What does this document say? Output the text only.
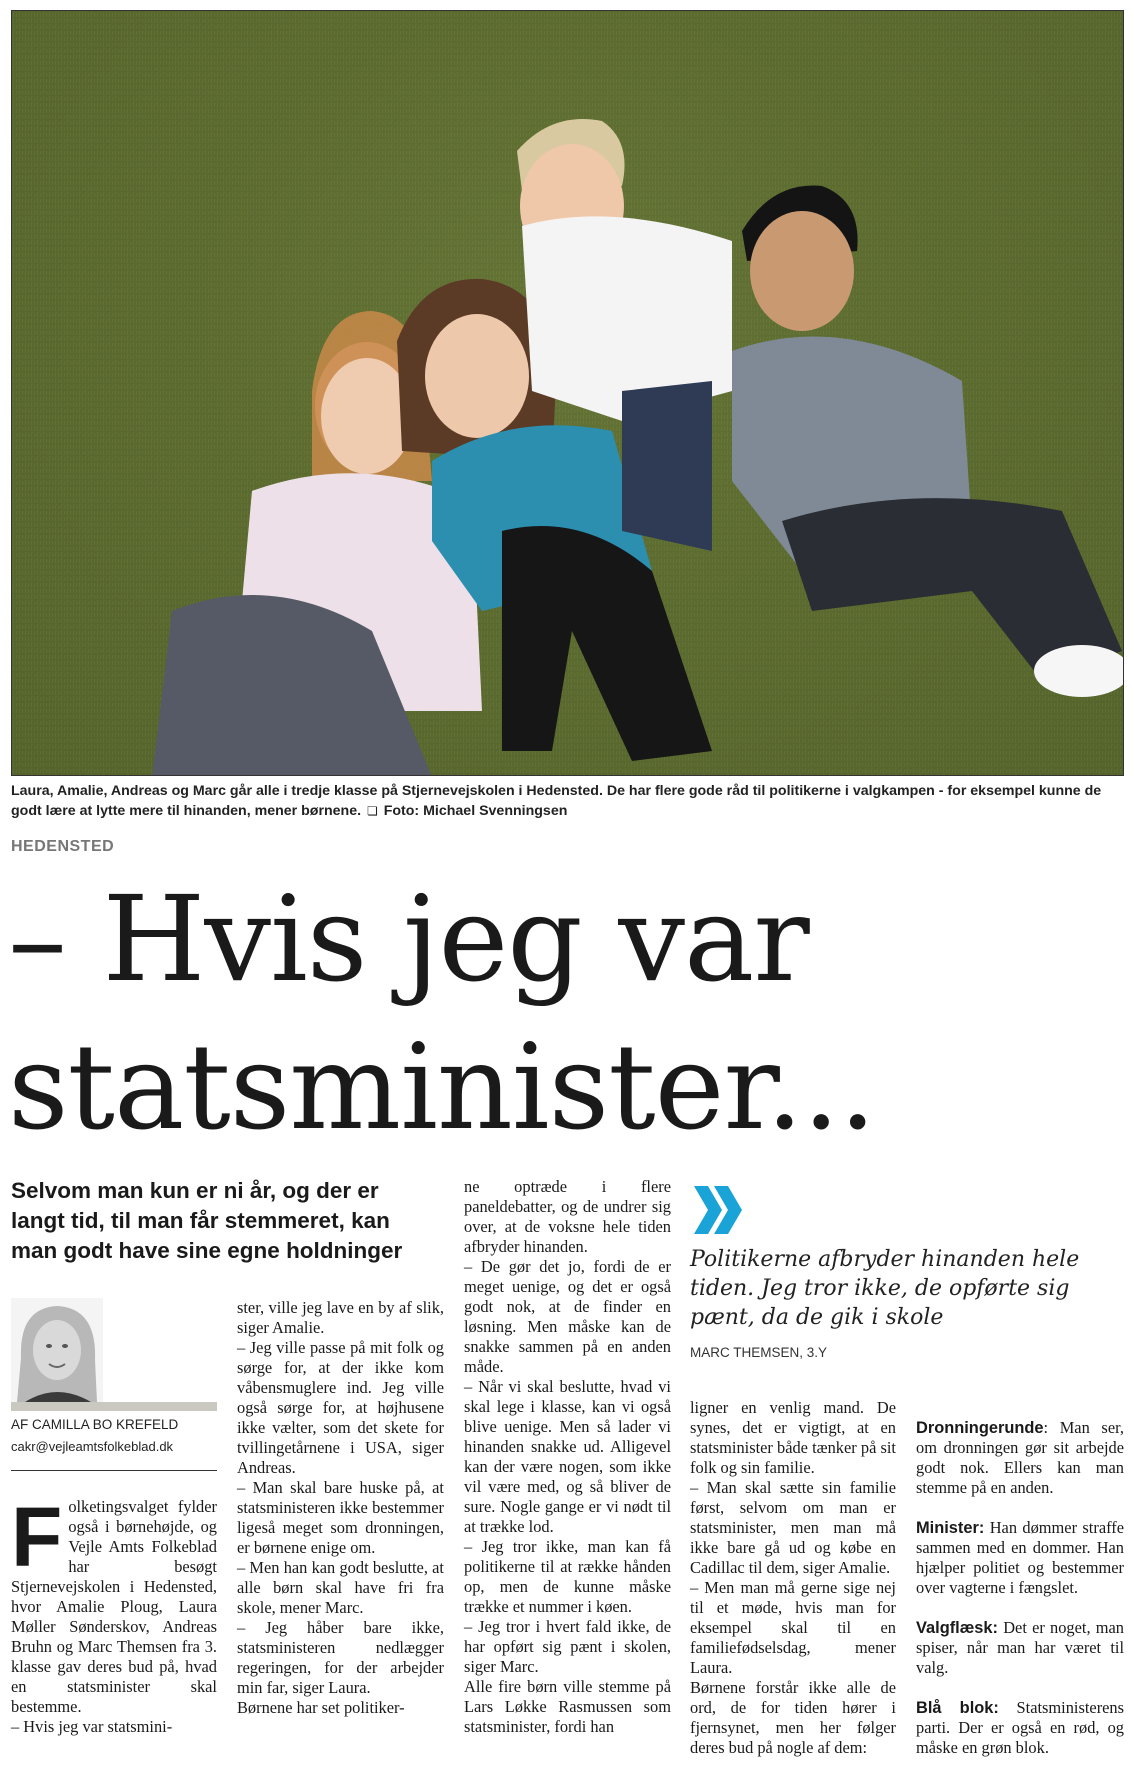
Laura, Amalie, Andreas og Marc går alle i tredje klasse på Stjernevejskolen i Hedensted. De har flere gode råd til politikerne i valgkampen - for eksempel kunne de godt lære at lytte mere til hinanden, mener børnene. ❏ Foto: Michael Svenningsen
HEDENSTED
– Hvis jeg var
statsminister...
Selvom man kun er ni år, og der er langt tid, til man får stemmeret, kan man godt have sine egne holdninger
AF CAMILLA BO KREFELD
cakr@vejleamtsfolkeblad.dk
Folketingsvalget fylder også i børnehøjde, og Vejle Amts Folkeblad har besøgt Stjernevejskolen i Hedensted, hvor Amalie Ploug, Laura Møller Sønderskov, Andreas Bruhn og Marc Themsen fra 3. klasse gav deres bud på, hvad en statsminister skal bestemme.
– Hvis jeg var statsmini-
ster, ville jeg lave en by af slik, siger Amalie.
– Jeg ville passe på mit folk og sørge for, at der ikke kom våbensmuglere ind. Jeg ville også sørge for, at højhusene ikke vælter, som det skete for tvillingetårnene i USA, siger Andreas.
– Man skal bare huske på, at statsministeren ikke bestemmer ligeså meget som dronningen, er børnene enige om.
– Men han kan godt beslutte, at alle børn skal have fri fra skole, mener Marc.
– Jeg håber bare ikke, statsministeren nedlægger regeringen, for der arbejder min far, siger Laura.
Børnene har set politiker-
ne optræde i flere paneldebatter, og de undrer sig over, at de voksne hele tiden afbryder hinanden.
– De gør det jo, fordi de er meget uenige, og det er også godt nok, at de finder en løsning. Men måske kan de snakke sammen på en anden måde.
– Når vi skal beslutte, hvad vi skal lege i klasse, kan vi også blive uenige. Men så lader vi hinanden snakke ud. Alligevel kan der være nogen, som ikke vil være med, og så bliver de sure. Nogle gange er vi nødt til at trække lod.
– Jeg tror ikke, man kan få politikerne til at række hånden op, men de kunne måske trække et nummer i køen.
– Jeg tror i hvert fald ikke, de har opført sig pænt i skolen, siger Marc.
Alle fire børn ville stemme på Lars Løkke Rasmussen som statsminister, fordi han
ligner en venlig mand. De synes, det er vigtigt, at en statsminister både tænker på sit folk og sin familie.
– Man skal sætte sin familie først, selvom om man er statsminister, men man må ikke bare gå ud og købe en Cadillac til dem, siger Amalie.
– Men man må gerne sige nej til et møde, hvis man for eksempel skal til en familiefødselsdag, mener Laura.
Børnene forstår ikke alle de ord, de for tiden hører i fjernsynet, men her følger deres bud på nogle af dem:

Dronningerunde: Man ser, om dronningen gør sit arbejde godt nok. Ellers kan man stemme på en anden.

Minister: Han dømmer straffe sammen med en dommer. Han hjælper politiet og bestemmer over vagterne i fængslet.

Valgflæsk: Det er noget, man spiser, når man har været til valg.

Blå blok: Statsministerens parti. Der er også en rød, og måske en grøn blok.

Politikerne afbryder hinanden hele tiden. Jeg tror ikke, de opførte sig pænt, da de gik i skole
MARC THEMSEN, 3.Y
